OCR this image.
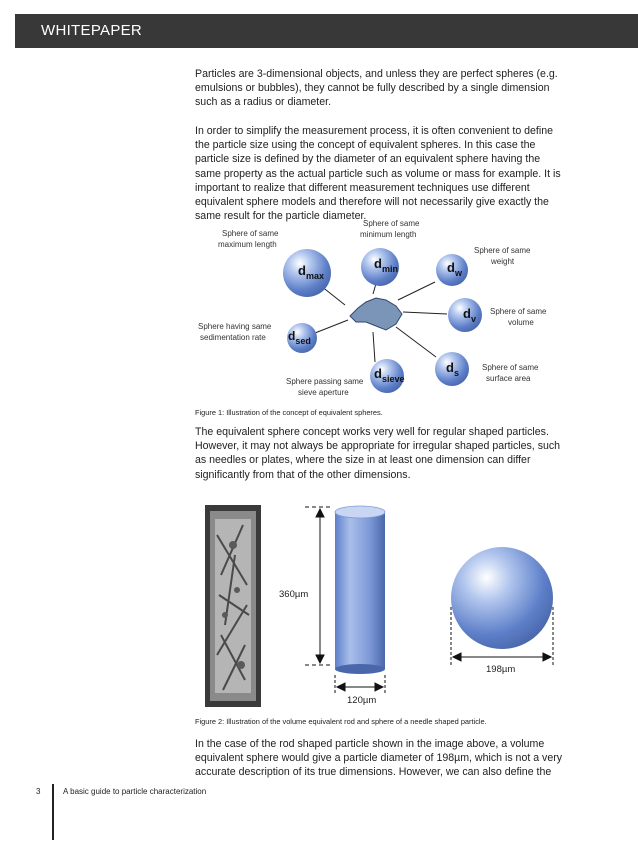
WHITEPAPER

Particles are 3-dimensional objects, and unless they are perfect spheres (e.g. emulsions or bubbles), they cannot be fully described by a single dimension such as a radius or diameter.

In order to simplify the measurement process, it is often convenient to define the particle size using the concept of equivalent spheres. In this case the particle size is defined by the diameter of an equivalent sphere having the same property as the actual particle such as volume or mass for example. It is important to realize that different measurement techniques use different equivalent sphere models and therefore will not necessarily give exactly the same result for the particle diameter.

$d_{max}$
$d_{min}$	$d_w$
$d_v$
$d_s$
$d_{sed}$
$d_{sieve}$
Sphere of same
maximum length
Sphere of same
minimum length
Sphere of same
weight
Sphere of same
volume
Sphere of same
surface area
Sphere having same
sedimentation rate
Sphere passing same
sieve aperture
Figure 1: Illustration of the concept of equivalent spheres.

The equivalent sphere concept works very well for regular shaped particles. However, it may not always be appropriate for irregular shaped particles, such as needles or plates, where the size in at least one dimension can differ significantly from that of the other dimensions.

360µm
120µm
198µm
Figure 2: Illustration of the volume equivalent rod and sphere of a needle shaped particle.

In the case of the rod shaped particle shown in the image above, a volume equivalent sphere would give a particle diameter of 198µm, which is not a very accurate description of its true dimensions. However, we can also define the

3	A basic guide to particle characterization
